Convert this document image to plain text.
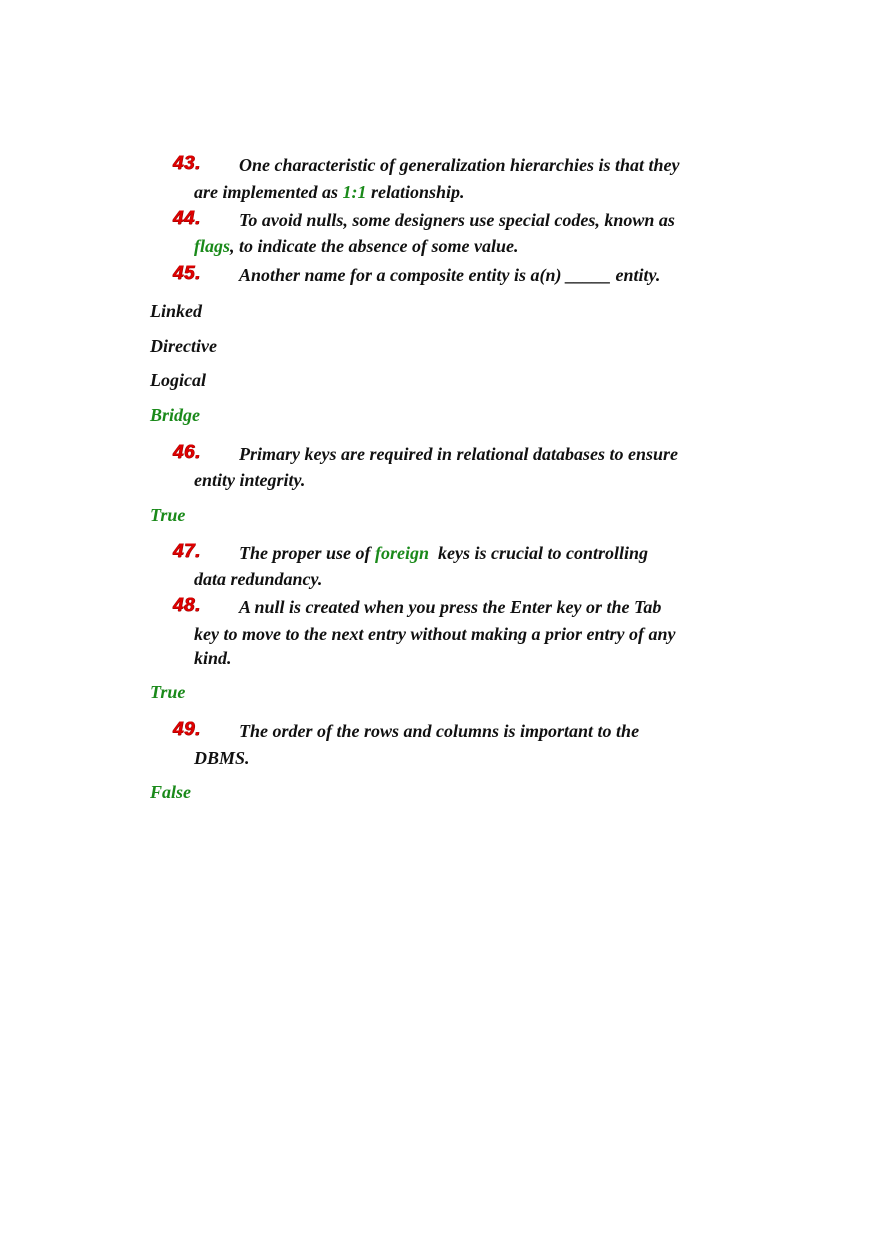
43. One characteristic of generalization hierarchies is that they
are implemented as 1:1 relationship.
44. To avoid nulls, some designers use special codes, known as
flags, to indicate the absence of some value.
45. Another name for a composite entity is a(n) _____ entity.
Linked
Directive
Logical
Bridge
46. Primary keys are required in relational databases to ensure
entity integrity.
True
47. The proper use of foreign  keys is crucial to controlling
data redundancy.
48. A null is created when you press the Enter key or the Tab
key to move to the next entry without making a prior entry of any
kind.
True
49. The order of the rows and columns is important to the
DBMS.
False
